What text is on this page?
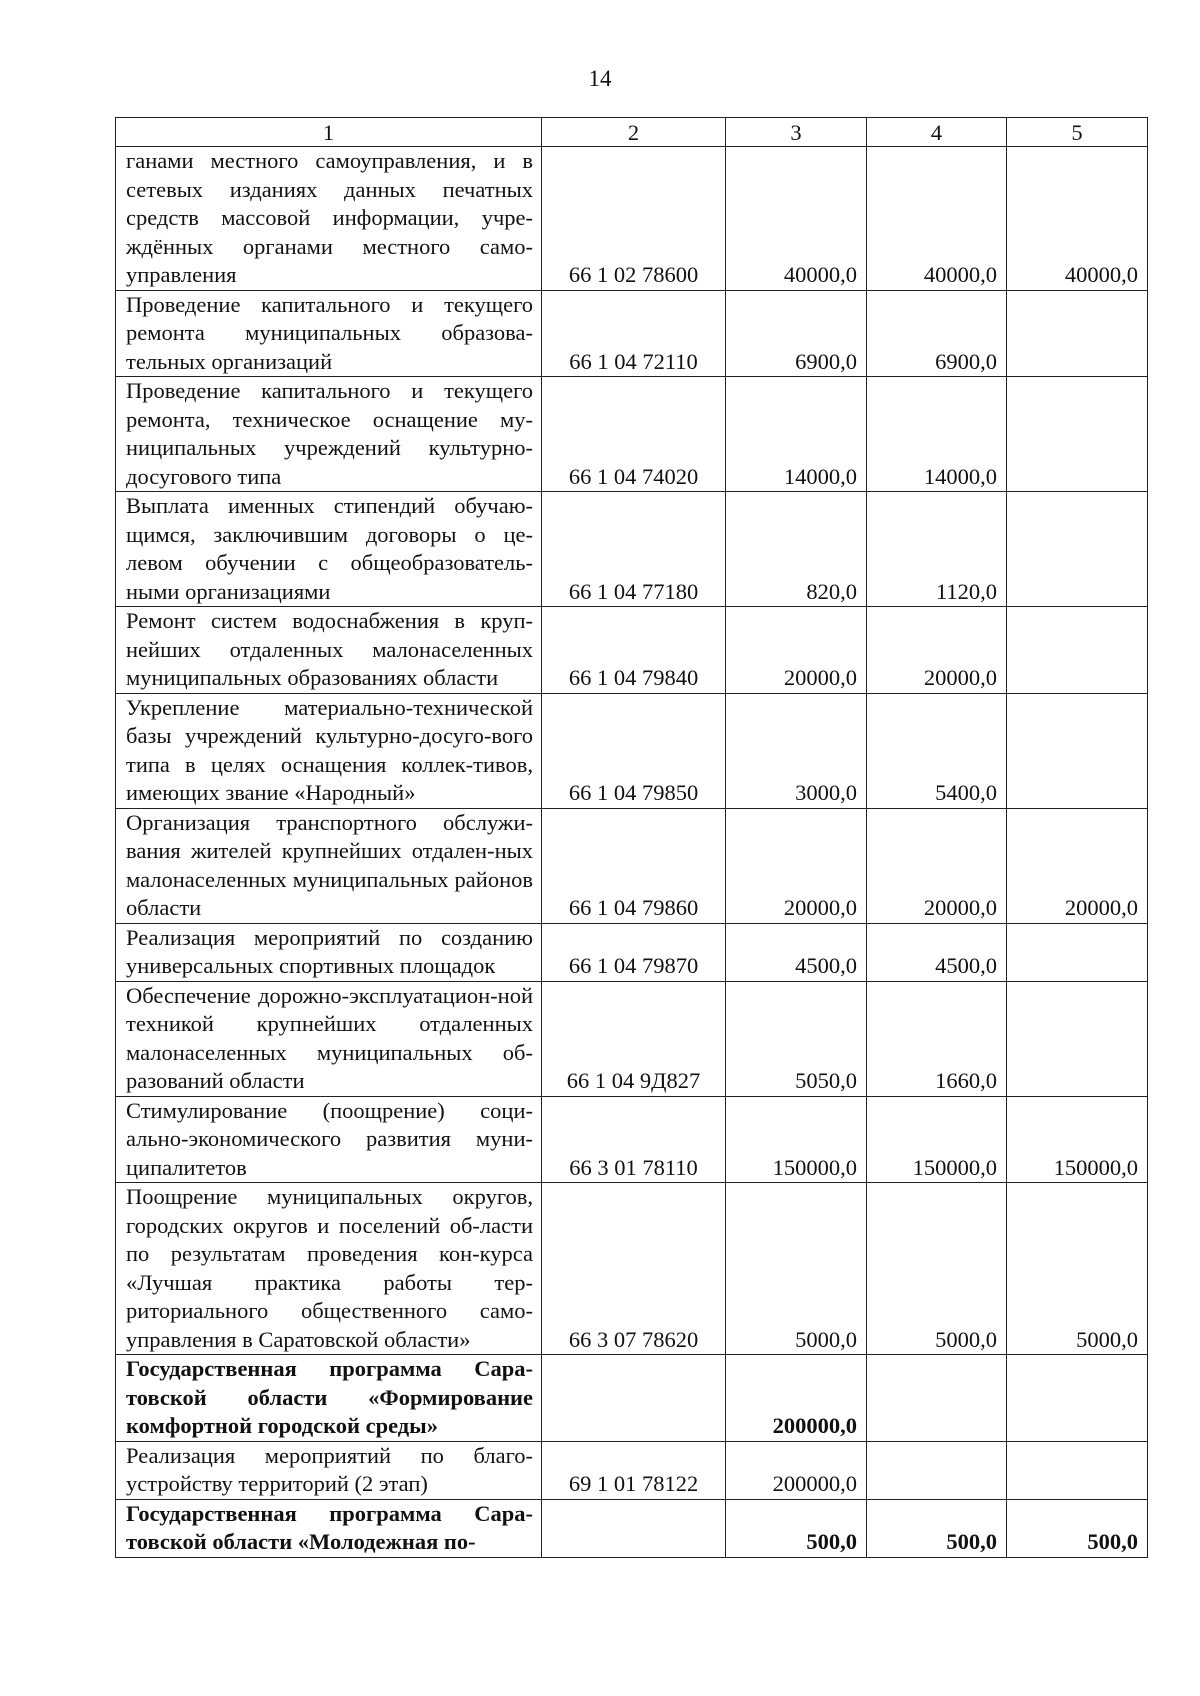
14
1	2	3	4	5
ганами местного самоуправления, и в сетевых изданиях данных печатных средств массовой информации, учре-ждённых органами местного само-управления	66 1 02 78600	40000,0	40000,0	40000,0
Проведение капитального и текущего ремонта муниципальных образова-тельных организаций	66 1 04 72110	6900,0	6900,0	
Проведение капитального и текущего ремонта, техническое оснащение му-ниципальных учреждений культурно-досугового типа	66 1 04 74020	14000,0	14000,0	
Выплата именных стипендий обучаю-щимся, заключившим договоры о це-левом обучении с общеобразователь-ными организациями	66 1 04 77180	820,0	1120,0	
Ремонт систем водоснабжения в круп-нейших отдаленных малонаселенных муниципальных образованиях области	66 1 04 79840	20000,0	20000,0	
Укрепление материально-технической базы учреждений культурно-досуго-вого типа в целях оснащения коллек-тивов, имеющих звание «Народный»	66 1 04 79850	3000,0	5400,0	
Организация транспортного обслужи-вания жителей крупнейших отдален-ных малонаселенных муниципальных районов области	66 1 04 79860	20000,0	20000,0	20000,0
Реализация мероприятий по созданию универсальных спортивных площадок	66 1 04 79870	4500,0	4500,0	
Обеспечение дорожно-эксплуатацион-ной техникой крупнейших отдаленных малонаселенных муниципальных об-разований области	66 1 04 9Д827	5050,0	1660,0	
Стимулирование (поощрение) соци-ально-экономического развития муни-ципалитетов	66 3 01 78110	150000,0	150000,0	150000,0
Поощрение муниципальных округов, городских округов и поселений об-ласти по результатам проведения кон-курса «Лучшая практика работы тер-риториального общественного само-управления в Саратовской области»	66 3 07 78620	5000,0	5000,0	5000,0
Государственная программа Сара-товской области «Формирование комфортной городской среды»		200000,0		
Реализация мероприятий по благо-устройству территорий (2 этап)	69 1 01 78122	200000,0		
Государственная программа Сара-товской области «Молодежная по-		500,0	500,0	500,0
